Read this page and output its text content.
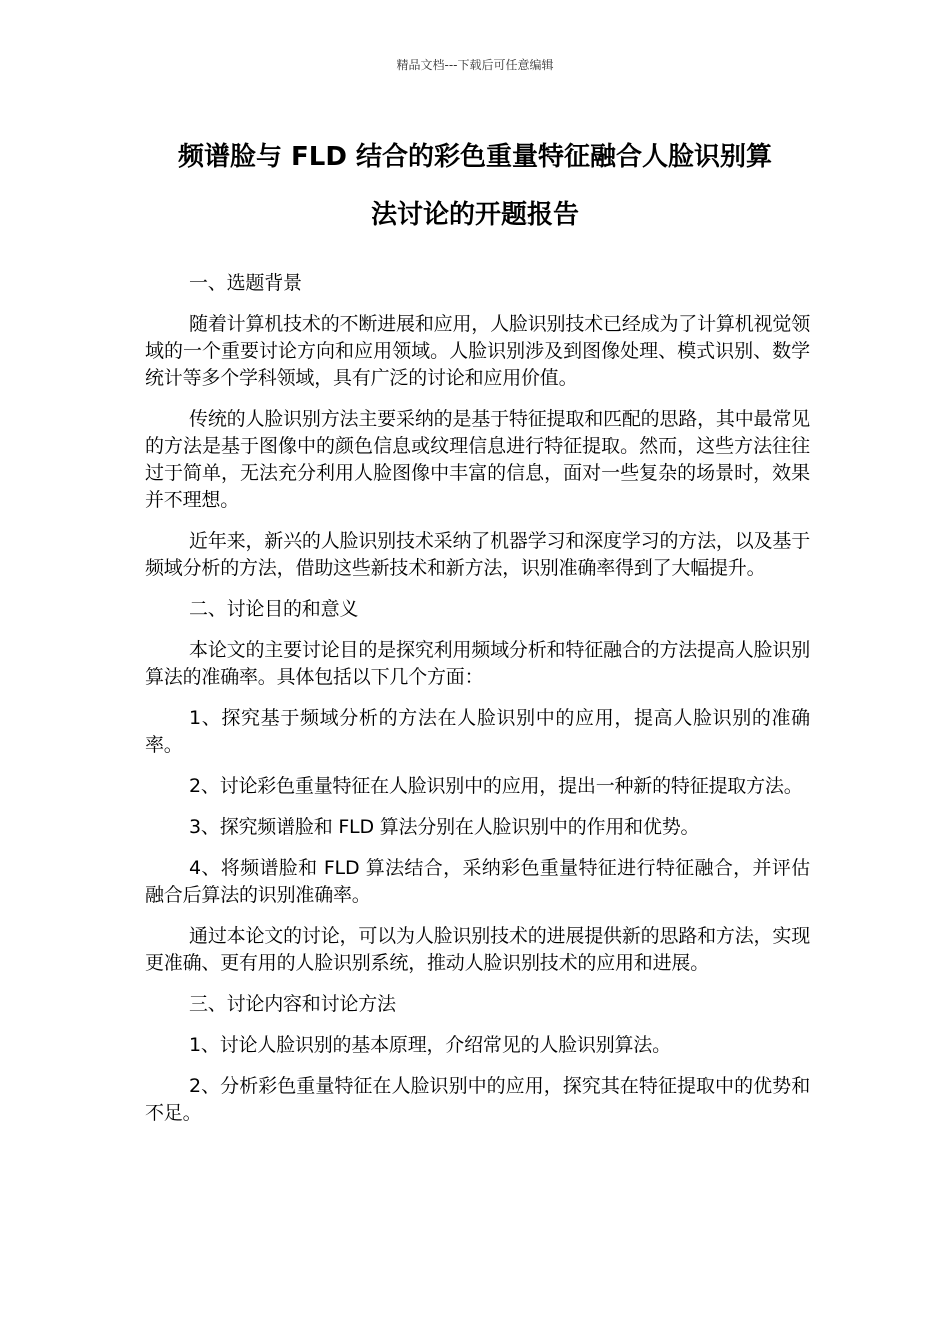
精品文档---下载后可任意编辑
频谱脸与 FLD 结合的彩色重量特征融合人脸识别算
法讨论的开题报告

一、选题背景

随着计算机技术的不断进展和应用，人脸识别技术已经成为了计算机视觉领域的一个重要讨论方向和应用领域。人脸识别涉及到图像处理、模式识别、数学统计等多个学科领域，具有广泛的讨论和应用价值。

传统的人脸识别方法主要采纳的是基于特征提取和匹配的思路，其中最常见的方法是基于图像中的颜色信息或纹理信息进行特征提取。然而，这些方法往往过于简单，无法充分利用人脸图像中丰富的信息，面对一些复杂的场景时，效果并不理想。

近年来，新兴的人脸识别技术采纳了机器学习和深度学习的方法，以及基于频域分析的方法，借助这些新技术和新方法，识别准确率得到了大幅提升。

二、讨论目的和意义

本论文的主要讨论目的是探究利用频域分析和特征融合的方法提高人脸识别算法的准确率。具体包括以下几个方面：

1、探究基于频域分析的方法在人脸识别中的应用，提高人脸识别的准确率。

2、讨论彩色重量特征在人脸识别中的应用，提出一种新的特征提取方法。

3、探究频谱脸和 FLD 算法分别在人脸识别中的作用和优势。

4、将频谱脸和 FLD 算法结合，采纳彩色重量特征进行特征融合，并评估融合后算法的识别准确率。

通过本论文的讨论，可以为人脸识别技术的进展提供新的思路和方法，实现更准确、更有用的人脸识别系统，推动人脸识别技术的应用和进展。

三、讨论内容和讨论方法

1、讨论人脸识别的基本原理，介绍常见的人脸识别算法。

2、分析彩色重量特征在人脸识别中的应用，探究其在特征提取中的优势和不足。
